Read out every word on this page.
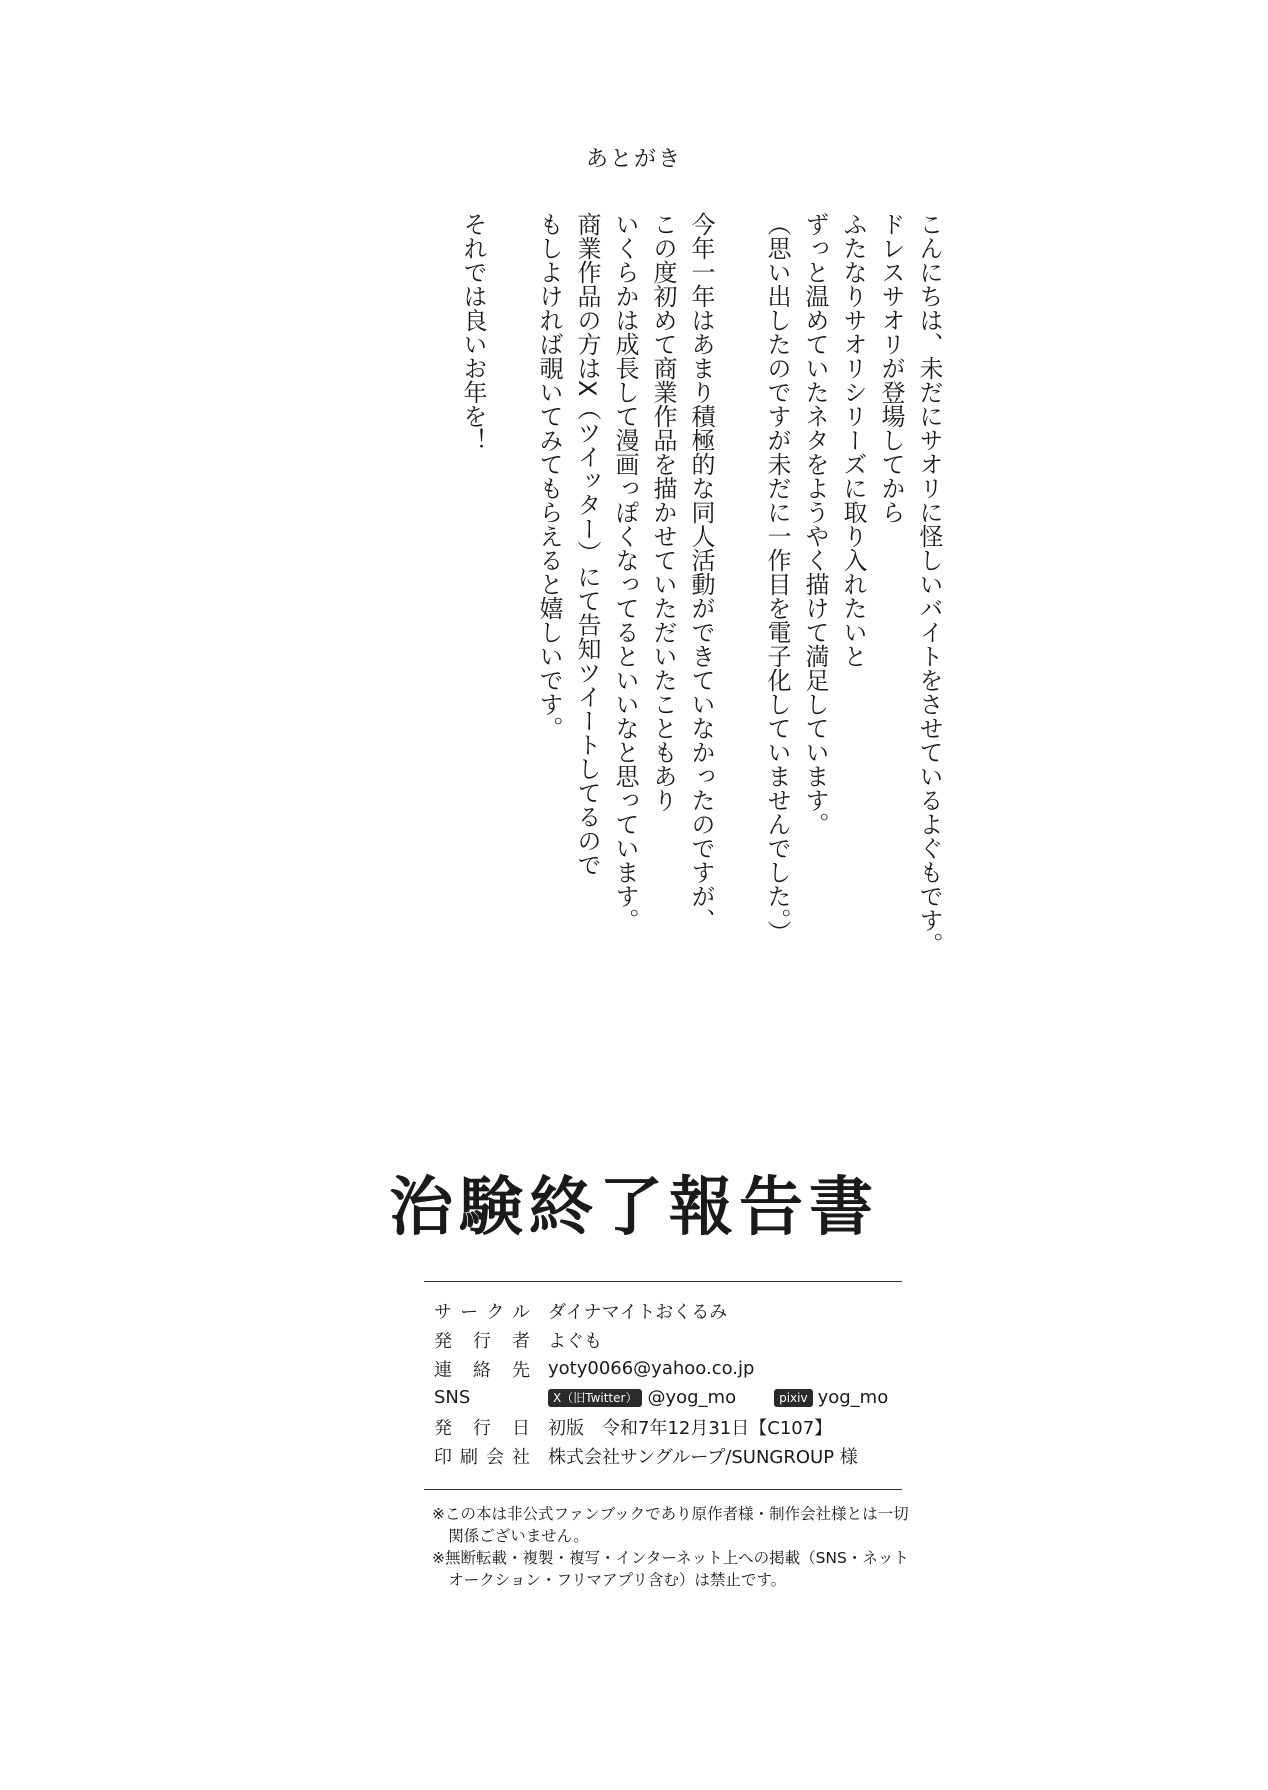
あとがき
こんにちは、未だにサオリに怪しいバイトをさせているよぐもです。
ドレスサオリが登場してから
ふたなりサオリシリーズに取り入れたいと
ずっと温めていたネタをようやく描けて満足しています。
（思い出したのですが未だに一作目を電子化していませんでした。）
今年一年はあまり積極的な同人活動ができていなかったのですが、
この度初めて商業作品を描かせていただいたこともあり
いくらかは成長して漫画っぽくなってるといいなと思っています。
商業作品の方はX（ツイッター）にて告知ツイートしてるので
もしよければ覗いてみてもらえると嬉しいです。
それでは良いお年を！
治験終了報告書
サークル	ダイナマイトおくるみ
発行者	よぐも
連絡先	yoty0066@yahoo.co.jp
SNS	X（旧Twitter） @yog_mo	pixiv yog_mo
発行日	初版　令和7年12月31日【C107】
印刷会社	株式会社サングループ/SUNGROUP 様
※この本は非公式ファンブックであり原作者様・制作会社様とは一切関係ございません。
※無断転載・複製・複写・インターネット上への掲載（SNS・ネットオークション・フリマアプリ含む）は禁止です。
